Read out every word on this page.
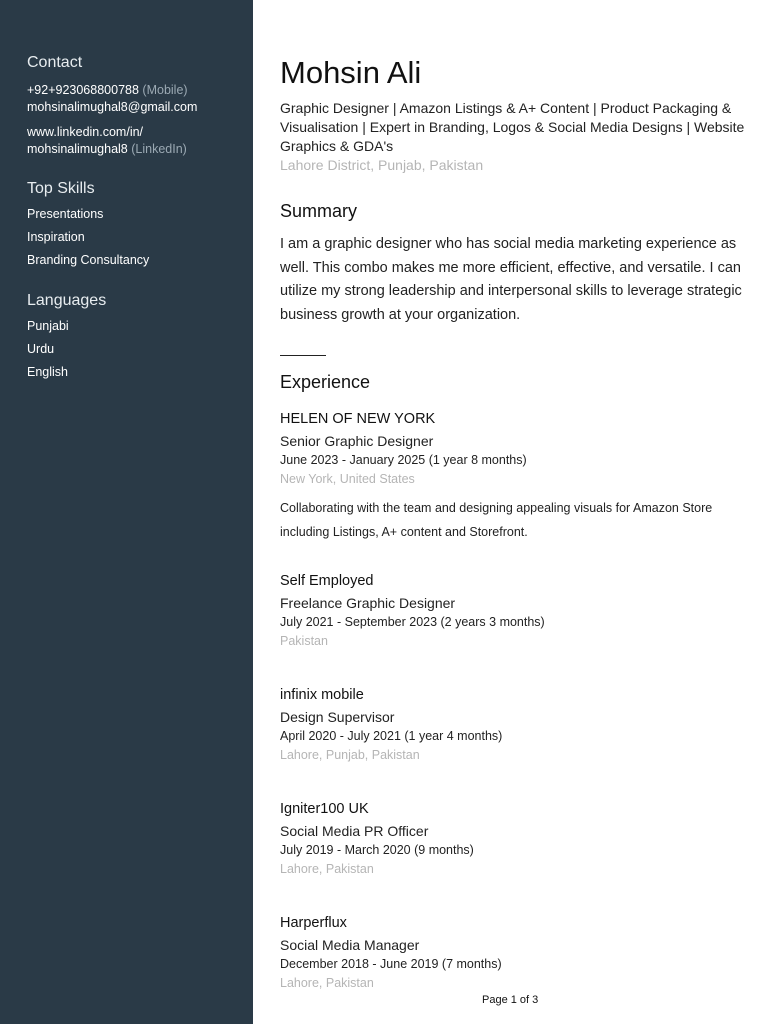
Contact
+92+923068800788 (Mobile)
mohsinalimughal8@gmail.com
www.linkedin.com/in/
mohsinalimughal8 (LinkedIn)
Top Skills
Presentations
Inspiration
Branding Consultancy
Languages
Punjabi
Urdu
English
Mohsin Ali

Graphic Designer | Amazon Listings & A+ Content | Product Packaging & Visualisation | Expert in Branding, Logos & Social Media Designs | Website Graphics & GDA's

Lahore District, Punjab, Pakistan

Summary

I am a graphic designer who has social media marketing experience as well. This combo makes me more efficient, effective, and versatile. I can utilize my strong leadership and interpersonal skills to leverage strategic business growth at your organization.

Experience
HELEN OF NEW YORK
Senior Graphic Designer
June 2023 - January 2025 (1 year 8 months)
New York, United States
Collaborating with the team and designing appealing visuals for Amazon Store including Listings, A+ content and Storefront.
Self Employed
Freelance Graphic Designer
July 2021 - September 2023 (2 years 3 months)
Pakistan
infinix mobile
Design Supervisor
April 2020 - July 2021 (1 year 4 months)
Lahore, Punjab, Pakistan
Igniter100 UK
Social Media PR Officer
July 2019 - March 2020 (9 months)
Lahore, Pakistan
Harperflux
Social Media Manager
December 2018 - June 2019 (7 months)
Lahore, Pakistan
Page 1 of 3
